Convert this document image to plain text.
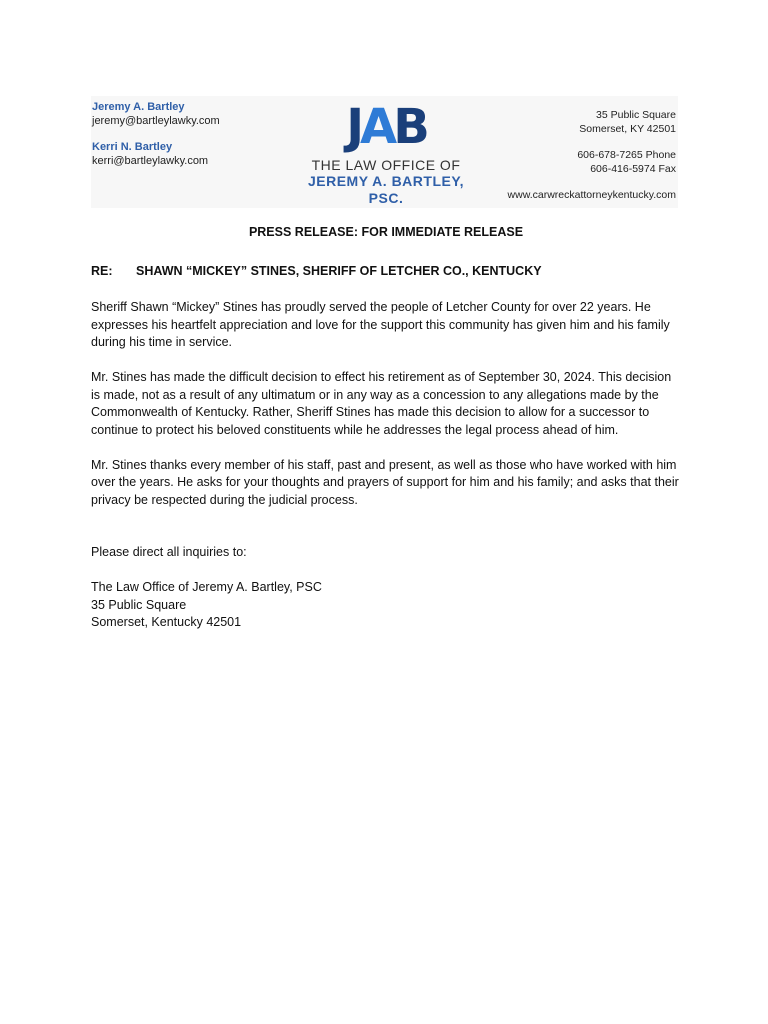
Jeremy A. Bartley
jeremy@bartleylawky.com
Kerri N. Bartley
kerri@bartleylawky.com
JAB
THE LAW OFFICE OF
JEREMY A. BARTLEY, PSC.
35 Public Square
Somerset, KY 42501
606-678-7265 Phone
606-416-5974 Fax
www.carwreckattorneykentucky.com

PRESS RELEASE: FOR IMMEDIATE RELEASE

RE: SHAWN “MICKEY” STINES, SHERIFF OF LETCHER CO., KENTUCKY

Sheriff Shawn “Mickey” Stines has proudly served the people of Letcher County for over 22 years. He expresses his heartfelt appreciation and love for the support this community has given him and his family during his time in service.

Mr. Stines has made the difficult decision to effect his retirement as of September 30, 2024. This decision is made, not as a result of any ultimatum or in any way as a concession to any allegations made by the Commonwealth of Kentucky. Rather, Sheriff Stines has made this decision to allow for a successor to continue to protect his beloved constituents while he addresses the legal process ahead of him.

Mr. Stines thanks every member of his staff, past and present, as well as those who have worked with him over the years. He asks for your thoughts and prayers of support for him and his family; and asks that their privacy be respected during the judicial process.

Please direct all inquiries to:

The Law Office of Jeremy A. Bartley, PSC

35 Public Square

Somerset, Kentucky 42501
